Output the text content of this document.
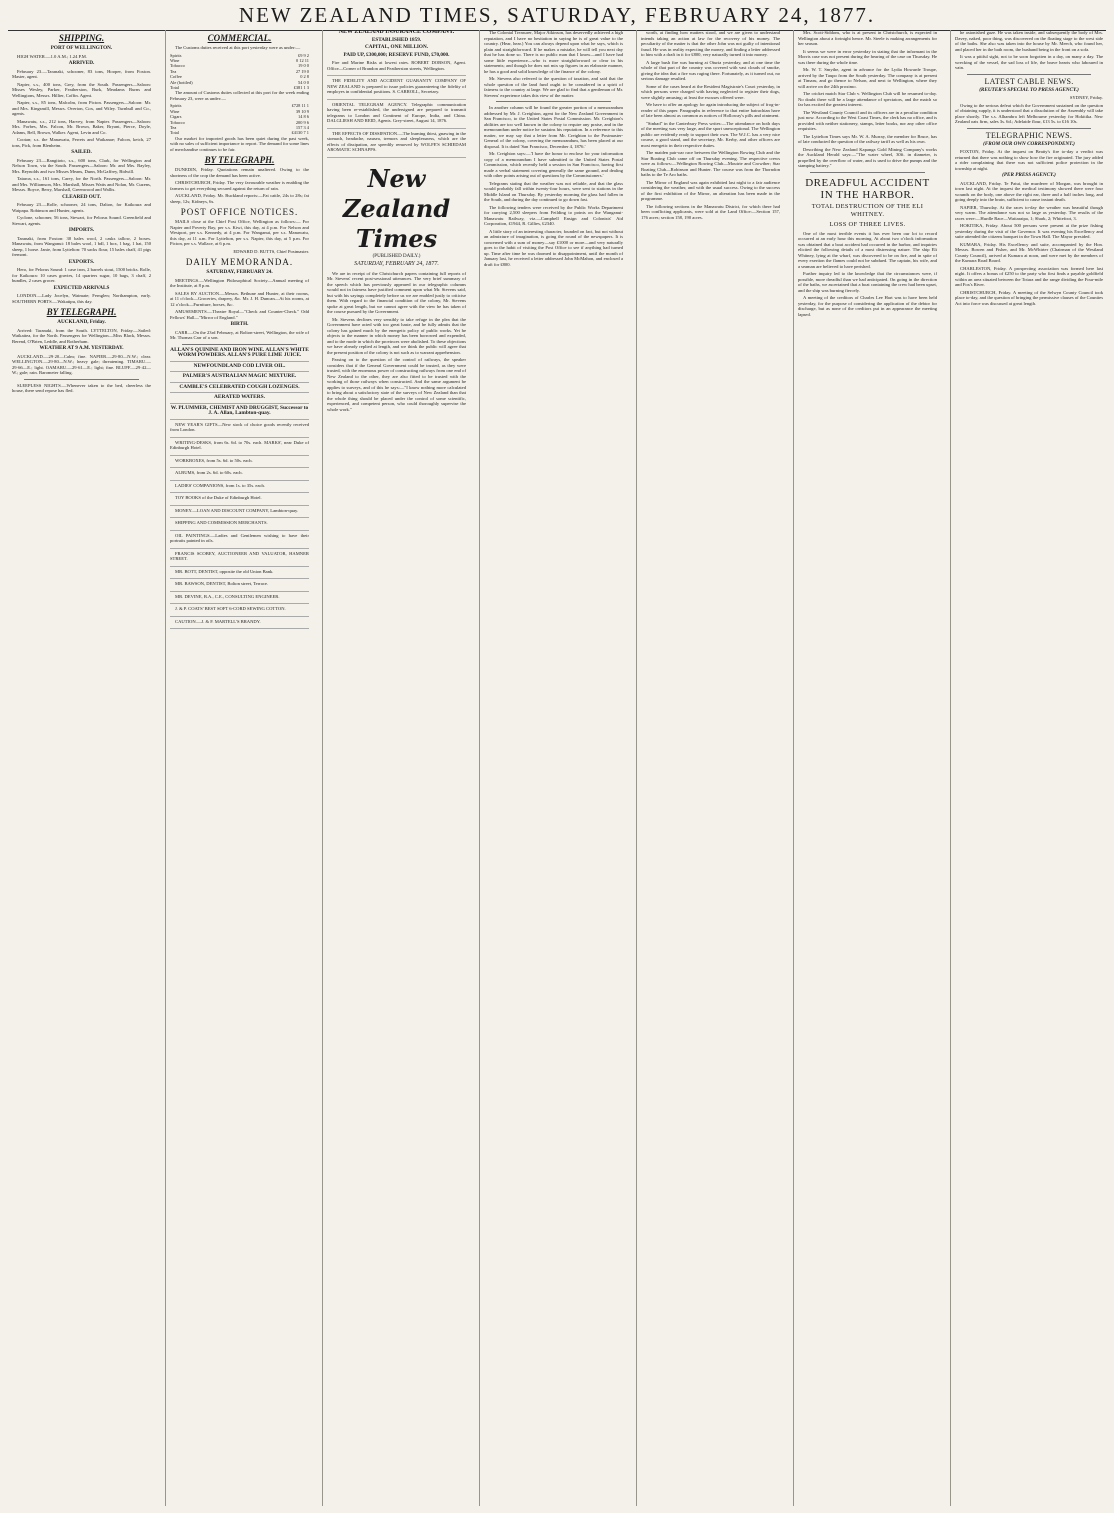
NEW ZEALAND TIMES, SATURDAY, FEBRUARY 24, 1877.
SHIPPING.
PORT OF WELLINGTON.
HIGH WATER.—1.0 A.M.; 1.24 P.M.
ARRIVED.
February 23.—Taranaki, schooner, 83 tons, Hooper, from Foxton. Master, agent.
Napier, s.s., 400 tons, Grey, from the South. Passengers—Saloon: Misses Wesley, Parker, Featherston, Burk, Meadams Burns and Wellingtons, Messrs. Hillier, Coffin. Agent.
Napier, s.s., 85 tons, Malcolm, from Picton. Passengers—Saloon: Mr. and Mrs. Kingsmill, Messrs. Overton, Cox, and Wiley. Turnbull and Co., agents.
Manawatu, s.s., 212 tons, Harvey, from Napier. Passengers—Saloon: Mrs. Forbes, Mrs. Falcon, Mr. Brown, Baker, Bryant, Pierce, Doyle, Adams, Bell, Brown, Walker. Agent, Levin and Co.
Cootan; s.s. the Manawatu, Ferrets and Waikanae; Falcon, ketch, 27 tons, Pick, from Blenheim.
SAILED.
February 23.—Rangitoto, s.s., 600 tons, Clark, for Wellington and Nelson Town, via the South. Passengers—Saloon: Mr. and Mrs. Bayley, Mrs. Reynolds and two Misses Means, Dunn, McGaffrey, Bidwill.
Taiaroa, s.s., 161 tons, Carey, for the North. Passengers—Saloon: Mr. and Mrs. Williamson, Mrs. Marshall, Misses Watts and Nolan, Mr. Cuzens, Messrs. Boyce, Berry, Marshall, Greenwood and Wallis.
CLEARED OUT.
February 23.—Rolle, schooner, 24 tons, Dalton, for Kaikoura and Waipapa. Robinson and Hunter, agents.
Cyclone, schooner, 56 tons, Stewart, for Pelorus Sound. Greenfield and Stewart, agents.
IMPORTS.
Taranaki, from Foxton: 30 bales wool, 2 casks tallow, 2 boxes. Manawatu, from Wanganui: 18 bales wool, 1 bdl, 1 box, 1 bag, 1 hat, 150 sheep, 1 horse. Janie, from Lyttelton: 70 sacks flour, 15 bales chaff, 41 pigs fremont.
EXPORTS.
Hero, for Pelorus Sound: 1 case iron, 2 barrels stout, 1500 bricks. Rolle, for Kaikoura: 10 cases gravies, 14 quarters sugar, 10 bags, 3 chaff, 2 bundles, 2 cases grocer.
EXPECTED ARRIVALS
LONDON.—Lady Jocelyn, Waimate; Fernglen; Northampton, early. SOUTHERN PORTS.—Wakatipu, this day.
BY TELEGRAPH.
AUCKLAND, Friday.
Arrived: Taranaki, from the South. LYTTELTON, Friday.—Sailed: Waikaitea, for the North. Passengers for Wellington—Miss Black, Messrs. Berend, O'Brien, Leddle, and Rotherham.
WEATHER AT 9 A.M. YESTERDAY.
AUCKLAND.—29·20—Calm; fine. NAPIER.—29·80—N.W.; clear. WELLINGTON.—29·80—N.W.; heavy gale; threatening. TIMARU.—29·66—E.; light. OAMARU.—29·61—E.; light; fine. BLUFF.—29·42—W.; gale; rain. Barometer falling.
SLEEPLESS NIGHTS.—Whenever taken to the bed, cheerless the house, there send repose has fled.
COMMERCIAL.
The Customs duties received at this port yesterday were as under:—
Spirits	£9 9 2
Wine	0 12 11
Tobacco	19 0 0
Tea	27 19 0
Coffee	0 2 8
Ale (bottled)	54 0 0
Total	£381 1 3
The amount of Customs duties collected at this port for the week ending February 23, were as under:—
Spirits	£728 11 1
Wine	39 10 9
Cigars	14 8 6
Tobacco	200 9 6
Tea	157 3 4
Total	£4130 7 1
Our market for imported goods has been quiet during the past week, with no sales of sufficient importance to report. The demand for some lines of merchandise continues to be fair.
BY TELEGRAPH.
DUNEDIN, Friday. Quotations remain unaltered. Owing to the shortness of the crop the demand has been active.
CHRISTCHURCH, Friday. The very favourable weather is enabling the farmers to get everything secured against the return of rain.
AUCKLAND, Friday. Mr. Buckland reports:—Fat cattle, 24s to 28s; fat sheep, 12s; Kidneys, 6s.
POST OFFICE NOTICES.
MAILS close at the Chief Post Office, Wellington as follows:— For Napier and Poverty Bay, per s.s. Kiwi, this day, at 4 p.m. For Nelson and Westport, per s.s. Kennedy, at 4 p.m. For Wanganui, per s.s. Manawatu, this day, at 11 a.m. For Lyttelton, per s.s. Napier, this day, at 5 p.m. For Picton, per s.s. Wallace, at 6 p.m.
EDWARD D. BUTTS, Chief Postmaster.
DAILY MEMORANDA.
SATURDAY, FEBRUARY 24.
MEETINGS.—Wellington Philosophical Society—Annual meeting of the Institute, at 8 p.m.
SALES BY AUCTION.—Messrs. Bethune and Hunter, at their rooms, at 11 o'clock—Groceries, drapery, &c. Mr. J. H. Duncan—At his rooms, at 12 o'clock—Furniture, horses, &c.
AMUSEMENTS.—Theatre Royal—"Check and Counter-Check." Odd Fellows' Hall—"Mirror of England."
BIRTH.
CARR.—On the 23rd February, at Bolton-street, Wellington, the wife of Mr. Thomas Carr of a son.
ALLAN'S QUININE AND IRON WINE. ALLAN'S WHITE WORM POWDERS. ALLAN'S PURE LIME JUICE.
NEWFOUNDLAND COD LIVER OIL.
PALMER'S AUSTRALIAN MAGIC MIXTURE.
CAMBLE'S CELEBRATED COUGH LOZENGES.
AERATED WATERS.
W. PLUMMER, CHEMIST AND DRUGGIST, Successor to J. A. Allan, Lambton-quay.
NEW YEAR'S GIFTS—New stock of choice goods recently received from London.
WRITING-DESKS, from 6s. 6d. to 70s. each. MARKS', near Duke of Edinburgh Hotel.
WORKBOXES, from 5s. 6d. to 50s. each.
ALBUMS, from 2s. 6d. to 60s. each.
LADIES' COMPANIONS, from 1s. to 35s. each.
TOY BOOKS of the Duke of Edinburgh Hotel.
MONEY.—LOAN AND DISCOUNT COMPANY, Lambton-quay.
SHIPPING AND COMMISSION MERCHANTS.
OIL PAINTINGS.—Ladies and Gentlemen wishing to have their portraits painted in oils.
FRANCIS SCOBEY, AUCTIONEER AND VALUATOR, HAMNER STREET.
MR. BOTT, DENTIST, opposite the old Union Bank.
MR. BAWSON, DENTIST, Bolton street, Terrace.
MR. DEVINE, B.A., C.E., CONSULTING ENGINEER.
J. & P. COATS' BEST SOFT 6-CORD SEWING COTTON.
CAUTION.—J. & F. MARTELL'S BRANDY.
NEW ZEALAND INSURANCE COMPANY.
ESTABLISHED 1859.
CAPITAL, ONE MILLION.
PAID UP, £300,000; RESERVE FUND, £70,000.
Fire and Marine Risks at lowest rates. ROBERT DOBSON, Agent. Office—Corner of Brandon and Featherston streets, Wellington.
THE FIDELITY AND ACCIDENT GUARANTY COMPANY OF NEW ZEALAND is prepared to issue policies guaranteeing the fidelity of employes in confidential positions. S. CARROLL, Secretary.
ORIENTAL TELEGRAM AGENCY. Telegraphic communication having been re-established, the undersigned are prepared to transmit telegrams to London and Continent of Europe, India, and China. DALGLIESH AND REID, Agents. Grey-street, August 14, 1876.
THE EFFECTS OF DISSIPATION.—The burning thirst, gnawing in the stomach, headache, nausea, tremors and sleeplessness, which are the effects of dissipation, are speedily removed by WOLFE'S SCHIEDAM AROMATIC SCHNAPPS.
New Zealand Times
(PUBLISHED DAILY.)
SATURDAY, FEBRUARY 24, 1877.
We are in receipt of the Christchurch papers containing full reports of Mr. Stevens' recent post-sessional utterances. The very brief summary of the speech which has previously appeared in our telegraphic columns would not in fairness have justified comment upon what Mr. Stevens said, but with his sayings completely before us we are enabled justly to criticise them. With regard to the financial condition of the colony, Mr. Stevens spoke at great length, but we cannot agree with the view he has taken of the course pursued by the Government.
Mr. Stevens declines very sensibly to take refuge in the plea that the Government have acted with too great haste, and he fully admits that the colony has gained much by the energetic policy of public works. Yet he objects to the manner in which money has been borrowed and expended, and to the mode in which the provinces were abolished. To these objections we have already replied at length, and we think the public will agree that the present position of the colony is not such as to warrant apprehension.
Passing on to the question of the control of railways, the speaker considers that if the General Government could be trusted, as they were trusted, with the enormous power of constructing railways from one end of New Zealand to the other, they are also fitted to be trusted with the working of those railways when constructed. And the same argument he applies to surveys, and of this he says:—"I know nothing more calculated to bring about a satisfactory state of the surveys of New Zealand than that the whole thing should be placed under the control of some scientific, experienced, and competent person, who could thoroughly supervise the whole work."
The Colonial Treasurer, Major Atkinson, has deservedly achieved a high reputation, and I have no hesitation in saying he is of great value to the country. (Hear, hear.) You can always depend upon what he says, which is plain and straightforward. If he makes a mistake, he will tell you next day that he has done so. There is no public man that I know—and I have had some little experience—who is more straightforward or clear in his statements; and though he does not mix up figures in an elaborate manner, he has a good and solid knowledge of the finance of the colony.
Mr. Stevens also referred to the question of taxation, and said that the whole question of the land fund ought to be considered in a spirit of fairness to the country at large. We are glad to find that a gentleman of Mr. Stevens' experience takes this view of the matter.
In another column will be found the greater portion of a memorandum addressed by Mr. J. Creighton, agent for the New Zealand Government in San Francisco, to the United States Postal Commission. Mr. Creighton's abilities are too well known in the colony to require any praise, and in the memorandum under notice he sustains his reputation. In a reference to this matter, we may say that a letter from Mr. Creighton to the Postmaster-General of the colony, covering the memorandum, has been placed at our disposal. It is dated 'San Francisco, December 4, 1876.'
Mr. Creighton says:—'I have the honor to enclose for your information copy of a memorandum I have submitted to the United States Postal Commission, which recently held a session in San Francisco, having first made a verbal statement covering generally the same ground, and dealing with other points arising out of questions by the Commissioners.'
Telegrams stating that the weather was not reliable, and that the glass would probably fall within twenty-four hours, were sent to stations in the Middle Island on Thursday. By yesterday morning the glass had fallen in the South, and during the day continued to go down fast.
The following tenders were received by the Public Works Department for carrying 2,500 sleepers from Feilding to points on the Wanganui-Manawatu Railway, viz.—Campbell Ensign and Colonists' Aid Corporation, £1944, R. Gillies, £2340.
A little story of an interesting character, founded on fact, but not without an admixture of imagination, is going the round of the newspapers. It is concerned with a sum of money—say £1000 or more—and very naturally goes to the habit of visiting the Post Office to see if anything had turned up. Time after time he was doomed to disappointment, until the month of January last, he received a letter addressed John McMahon, and enclosed a draft for £800.
worth, at finding how matters stood, and we are given to understand intends taking an action at law for the recovery of his money. The peculiarity of the matter is that the other John was not guilty of intentional fraud. He was in reality expecting the money, and finding a letter addressed to him with a draft in it for £800, very naturally turned it into money.
A large bush fire was burning at Oturia yesterday, and at one time the whole of that part of the country was covered with vast clouds of smoke, giving the idea that a fire was raging there. Fortunately, as it turned out, no serious damage resulted.
Some of the cases heard at the Resident Magistrate's Court yesterday, in which persons were charged with having neglected to register their dogs, were slightly amusing; at least the excuses offered were.
We have to offer an apology for again introducing the subject of frog-in-reader of this paper. Paragraphs in reference to that entire batrachian have of late been almost as common as notices of Holloway's pills and ointment.
"Sinbad" in the Canterbury Press writes:—The attendance on both days of the meeting was very large, and the sport unexceptional. The Wellington public are evidently ready to support their own. The W.J.C. has a very nice course, a good stand, and the secretary, Mr. Kerby, and other officers are most energetic in their respective duties.
The maiden pair-oar race between the Wellington Rowing Club and the Star Boating Club came off on Thursday evening. The respective crews were as follows:—Wellington Rowing Club—Moutrie and Crowther; Star Boating Club—Robinson and Hunter. The course was from the Thorndon baths to the Te Aro baths.
The Mirror of England was again exhibited last night to a fair audience considering the weather, and with the usual success. Owing to the success of the first exhibition of the Mirror, an alteration has been made in the programme.
The following sections in the Manawatu District, for which there had been conflicting applicants, were sold at the Land Office:—Section 157, 176 acres; section 158, 190 acres.
Mrs. Scott-Siddons, who is at present in Christchurch, is expected in Wellington about a fortnight hence. Mr. Steele is making arrangements for her season.
It seems we were in error yesterday in stating that the informant in the Morris case was not present during the hearing of the case on Thursday. He was there during the whole time.
Mr. W. T. Smythe, agent in advance for the Lydia Howarde Troupe, arrived by the Taupo from the South yesterday. The company is at present at Timaru, and go thence to Nelson, and next to Wellington, where they will arrive on the 24th proximo.
The cricket match Star Club v. Wellington Club will be resumed to-day. No doubt there will be a large attendance of spectators, and the match so far has excited the greatest interest.
The Westland County Council and its officers are in a peculiar condition just now. According to the West Coast Times, the clerk has no office, and is provided with neither stationery, stamps, letter books, nor any other office requisites.
The Lyttelton Times says Mr. W. A. Murray, the member for Bruce, has of late conducted the question of the railway tariff as well as his own.
Describing the New Zealand Kapanga Gold Mining Company's works the Auckland Herald says:—"The water wheel, 30ft. in diameter, is propelled by the overflow of water, and is used to drive the pumps and the stamping battery."
DREADFUL ACCIDENT IN THE HARBOR.
TOTAL DESTRUCTION OF THE ELI WHITNEY.
LOSS OF THREE LIVES.
One of the most terrible events it has ever been our lot to record occurred at an early hour this morning. At about two o'clock information was obtained that a boat accident had occurred in the harbor, and inquiries elicited the following details of a most distressing nature. The ship Eli Whitney, lying at the wharf, was discovered to be on fire, and in spite of every exertion the flames could not be subdued. The captain, his wife, and a seaman are believed to have perished.
Further inquiry led to the knowledge that the circumstances were, if possible, more dreadful than we had anticipated. On going in the direction of the baths, we ascertained that a boat containing the crew had been upset, and the ship was burning fiercely.
A meeting of the creditors of Charles Lee Hart was to have been held yesterday, for the purpose of considering the application of the debtor for discharge, but as none of the creditors put in an appearance the meeting lapsed.
he astonished gaze. He was taken inside, and subsequently the body of Mrs. Davey, naked, poor thing, was discovered on the floating stage to the west side of the baths. She also was taken into the house by Mr. Meech, who found her, and placed her in the bath room, the husband being in the front on a sofa.
It was a pitiful sight, not to be soon forgotten in a day, on many a day. The wrecking of the vessel, the sad loss of life, the brave hearts who laboured in vain.
LATEST CABLE NEWS.
(REUTER'S SPECIAL TO PRESS AGENCY.)
SYDNEY, Friday.
Owing to the serious defeat which the Government sustained on the question of obtaining supply, it is understood that a dissolution of the Assembly will take place shortly. The s.s. Alhambra left Melbourne yesterday for Hokitika. New Zealand oats firm, sales 3s. 6d.; Adelaide flour, £13 5s. to £16 10s.
TELEGRAPHIC NEWS.
(FROM OUR OWN CORRESPONDENT.)
FOXTON, Friday. At the inquest on Beatty's fire to-day a verdict was returned that there was nothing to show how the fire originated. The jury added a rider complaining that there was not sufficient police protection in the township at night.
(PER PRESS AGENCY.)
AUCKLAND, Friday. Te Patui, the murderer of Morgan, was brought in town last night. At the inquest the medical testimony showed there were four wounds on the body, one above the right ear, three and a half inches long, and going deeply into the brain, sufficient to cause instant death.
NAPIER, Thursday. At the races to-day the weather was beautiful though very warm. The attendance was not so large as yesterday. The results of the races were:—Hurdle Race—Waitaraipa, 1; Shark, 2; Whitefoot, 3.
HOKITIKA, Friday. About 500 persons were present at the prize fishing yesterday during the visit of the Governor. It was evening his Excellency and suite attended the citizens banquet in the Town Hall. The Mayor presided.
KUMARA, Friday. His Excellency and suite, accompanied by the Hon. Messrs. Bowen and Fisher, and Mr. McWhirter (Chairman of the Westland County Council), arrived at Kumara at noon, and were met by the members of the Kumara Road Board.
CHARLESTON, Friday. A prospecting association was formed here last night. It offers a bonus of £250 to the party who first finds a payable goldfield within an area situated between the Totara and the range dividing the Four-mile and Fox's River.
CHRISTCHURCH, Friday. A meeting of the Selwyn County Council took place to-day, and the question of bringing the permissive clauses of the Counties Act into force was discussed at great length.
